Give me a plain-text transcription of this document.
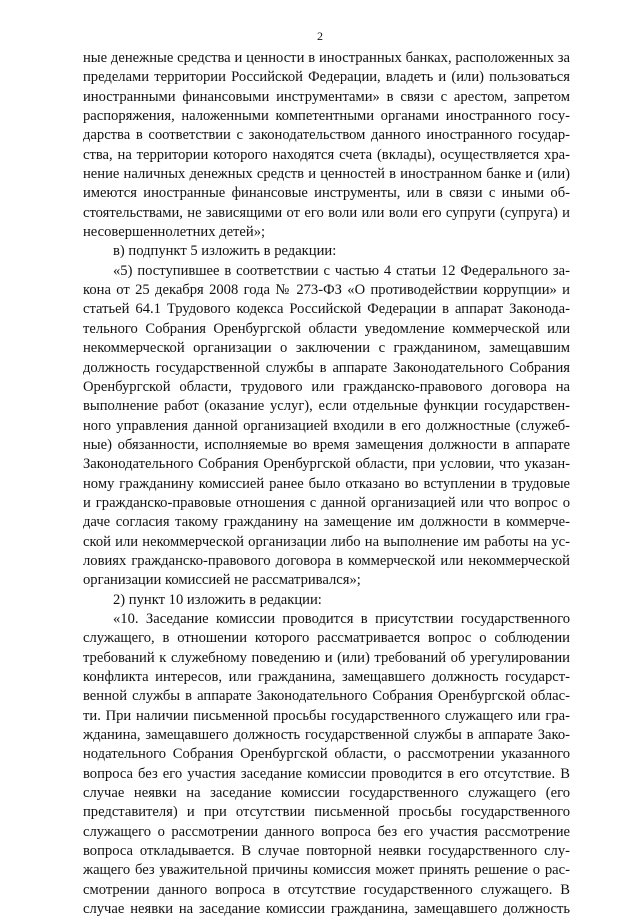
2
ные денежные средства и ценности в иностранных банках, расположенных за
пределами территории Российской Федерации, владеть и (или) пользоваться
иностранными финансовыми инструментами» в связи с арестом, запретом
распоряжения, наложенными компетентными органами иностранного госу-
дарства в соответствии с законодательством данного иностранного государ-
ства, на территории которого находятся счета (вклады), осуществляется хра-
нение наличных денежных средств и ценностей в иностранном банке и (или)
имеются иностранные финансовые инструменты, или в связи с иными об-
стоятельствами, не зависящими от его воли или воли его супруги (супруга) и
несовершеннолетних детей»;
в) подпункт 5 изложить в редакции:
«5) поступившее в соответствии с частью 4 статьи 12 Федерального за-
кона от 25 декабря 2008 года № 273-ФЗ «О противодействии коррупции» и
статьей 64.1 Трудового кодекса Российской Федерации в аппарат Законода-
тельного Собрания Оренбургской области уведомление коммерческой или
некоммерческой организации о заключении с гражданином, замещавшим
должность государственной службы в аппарате Законодательного Собрания
Оренбургской области, трудового или гражданско-правового договора на
выполнение работ (оказание услуг), если отдельные функции государствен-
ного управления данной организацией входили в его должностные (служеб-
ные) обязанности, исполняемые во время замещения должности в аппарате
Законодательного Собрания Оренбургской области, при условии, что указан-
ному гражданину комиссией ранее было отказано во вступлении в трудовые
и гражданско-правовые отношения с данной организацией или что вопрос о
даче согласия такому гражданину на замещение им должности в коммерче-
ской или некоммерческой организации либо на выполнение им работы на ус-
ловиях гражданско-правового договора в коммерческой или некоммерческой
организации комиссией не рассматривался»;
2) пункт 10 изложить в редакции:
«10. Заседание комиссии проводится в присутствии государственного
служащего, в отношении которого рассматривается вопрос о соблюдении
требований к служебному поведению и (или) требований об урегулировании
конфликта интересов, или гражданина, замещавшего должность государст-
венной службы в аппарате Законодательного Собрания Оренбургской облас-
ти. При наличии письменной просьбы государственного служащего или гра-
жданина, замещавшего должность государственной службы в аппарате Зако-
нодательного Собрания Оренбургской области, о рассмотрении указанного
вопроса без его участия заседание комиссии проводится в его отсутствие. В
случае неявки на заседание комиссии государственного служащего (его
представителя) и при отсутствии письменной просьбы государственного
служащего о рассмотрении данного вопроса без его участия рассмотрение
вопроса откладывается. В случае повторной неявки государственного слу-
жащего без уважительной причины комиссия может принять решение о рас-
смотрении данного вопроса в отсутствие государственного служащего. В
случае неявки на заседание комиссии гражданина, замещавшего должность
